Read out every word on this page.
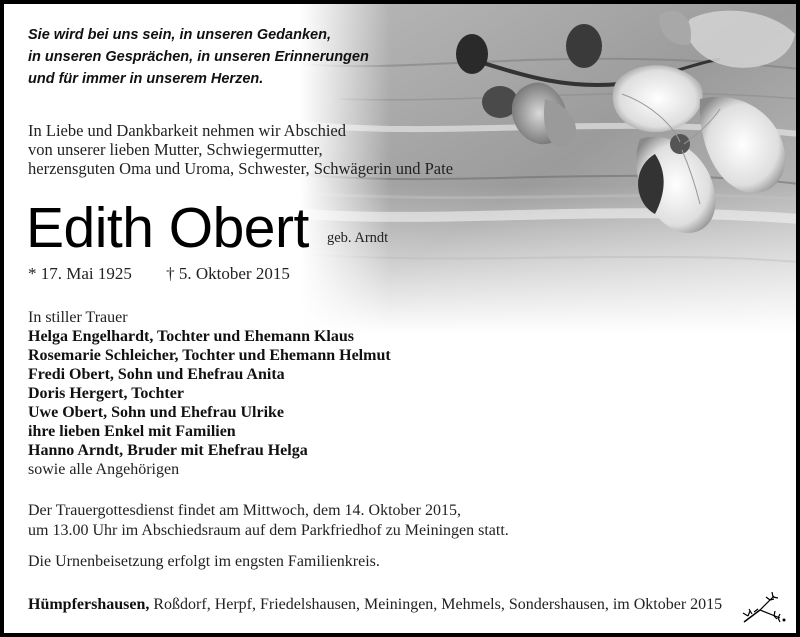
Sie wird bei uns sein, in unseren Gedanken,
in unseren Gesprächen, in unseren Erinnerungen
und für immer in unserem Herzen.

In Liebe und Dankbarkeit nehmen wir Abschied
von unserer lieben Mutter, Schwiegermutter,
herzensguten Oma und Uroma, Schwester, Schwägerin und Pate
Edith Obert geb. Arndt
* 17. Mai 1925 † 5. Oktober 2015
In stiller Trauer
Helga Engelhardt, Tochter und Ehemann Klaus
Rosemarie Schleicher, Tochter und Ehemann Helmut
Fredi Obert, Sohn und Ehefrau Anita
Doris Hergert, Tochter
Uwe Obert, Sohn und Ehefrau Ulrike
ihre lieben Enkel mit Familien
Hanno Arndt, Bruder mit Ehefrau Helga
sowie alle Angehörigen
Der Trauergottesdienst findet am Mittwoch, dem 14. Oktober 2015,
um 13.00 Uhr im Abschiedsraum auf dem Parkfriedhof zu Meiningen statt.
Die Urnenbeisetzung erfolgt im engsten Familienkreis.
Hümpfershausen, Roßdorf, Herpf, Friedelshausen, Meiningen, Mehmels, Sondershausen, im Oktober 2015
